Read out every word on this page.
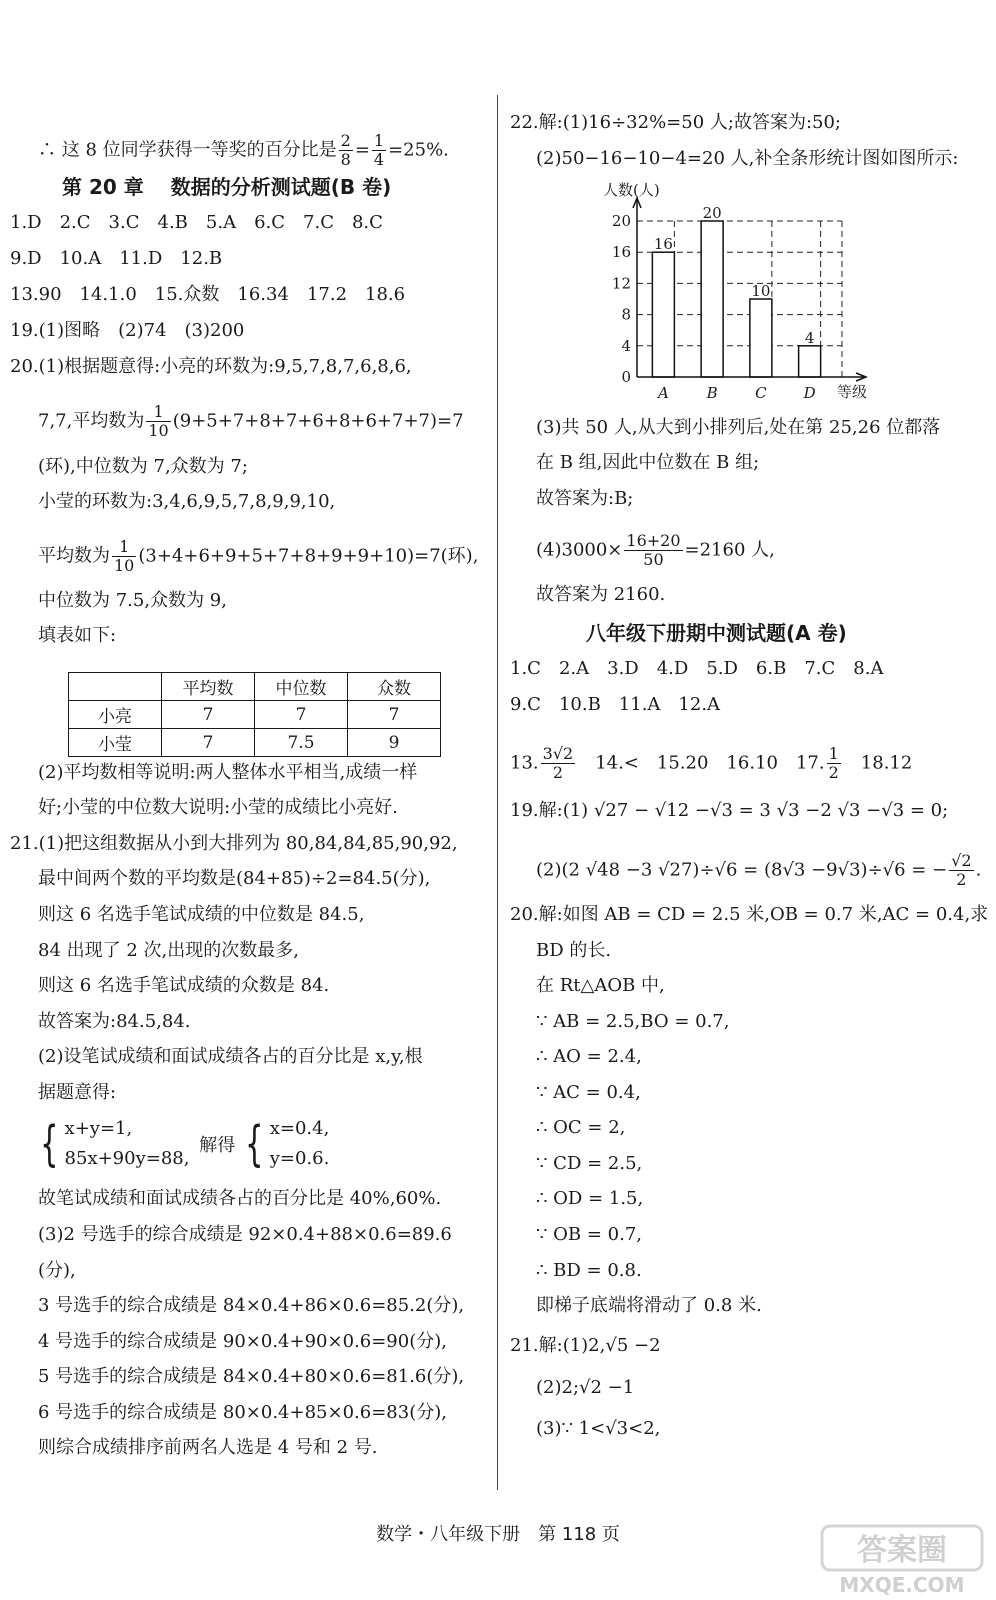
∴ 这 8 位同学获得一等奖的百分比是 $\frac{2}{8} = \frac{1}{4} =25\%$.
第 20 章　 数据的分析测试题(B 卷)
1.D　2.C　3.C　4.B　5.A　6.C　7.C　8.C
9.D　10.A　11.D　12.B
13.90　14.1.0　15.众数　16.34　17.2　18.6
19.(1)图略　(2)74　(3)200
20.(1)根据题意得:小亮的环数为:9,5,7,8,7,6,8,6,
7,7,平均数为 $\frac{1}{10} (9+5+7+8+7+6+8+6+7+7)=7$
(环),中位数为 7,众数为 7;
小莹的环数为:3,4,6,9,5,7,8,9,9,10,
平均数为 $\frac{1}{10} (3+4+6+9+5+7+8+9+9+10)=7$(环),
中位数为 7.5,众数为 9,
填表如下:
	平均数	中位数	众数
小亮	7	7	7
小莹	7	7.5	9
(2)平均数相等说明:两人整体水平相当,成绩一样
好;小莹的中位数大说明:小莹的成绩比小亮好.
21.(1)把这组数据从小到大排列为 80,84,84,85,90,92,
最中间两个数的平均数是(84+85)÷2=84.5(分),
则这 6 名选手笔试成绩的中位数是 84.5,
84 出现了 2 次,出现的次数最多,
则这 6 名选手笔试成绩的众数是 84.
故答案为:84.5,84.
(2)设笔试成绩和面试成绩各占的百分比是 x,y,根
据题意得:
{ x+y=1,
85x+90y=88,
解得 { x=0.4,
y=0.6.
故笔试成绩和面试成绩各占的百分比是 40%,60%.
(3)2 号选手的综合成绩是 92×0.4+88×0.6=89.6
(分),
3 号选手的综合成绩是 84×0.4+86×0.6=85.2(分),
4 号选手的综合成绩是 90×0.4+90×0.6=90(分),
5 号选手的综合成绩是 84×0.4+80×0.6=81.6(分),
6 号选手的综合成绩是 80×0.4+85×0.6=83(分),
则综合成绩排序前两名人选是 4 号和 2 号.
22.解:(1)16÷32%=50 人;故答案为:50;
(2)50−16−10−4=20 人,补全条形统计图如图所示:
(3)共 50 人,从大到小排列后,处在第 25,26 位都落
在 B 组,因此中位数在 B 组;
故答案为:B;
$(4)3000\times \frac{16+20}{50} =2160$ 人,
故答案为 2160.
八年级下册期中测试题(A 卷)
1.C　2.A　3.D　4.D　5.D　6.B　7.C　8.A
9.C　10.B　11.A　12.A
13. $\frac{3√2}{2}$ 　14.<　15.20　16.10　17. $\frac{1}{2}$ 　18.12
19.解:(1) √27 − √12 −√3 = 3 √3 −2 √3 −√3 = 0;
(2)(2 √48 −3 √27)÷√6 = (8√3 −9√3)÷√6 = − $\frac{√2}{2}$ .
20.解:如图 AB = CD = 2.5 米,OB = 0.7 米,AC = 0.4,求
BD 的长.
在 Rt△AOB 中,
∵ AB = 2.5,BO = 0.7,
∴ AO = 2.4,
∵ AC = 0.4,
∴ OC = 2,
∵ CD = 2.5,
∴ OD = 1.5,
∵ OB = 0.7,
∴ BD = 0.8.
即梯子底端将滑动了 0.8 米.
21.解:(1)2,√5 −2
(2)2;√2 −1
(3)∵ 1<√3<2,
人数(人)
0
4
8
12
16
20
16
A
20
B
10
C
4
D 等级
数学・八年级下册　第 118 页	答案圈
MXQE.COM
